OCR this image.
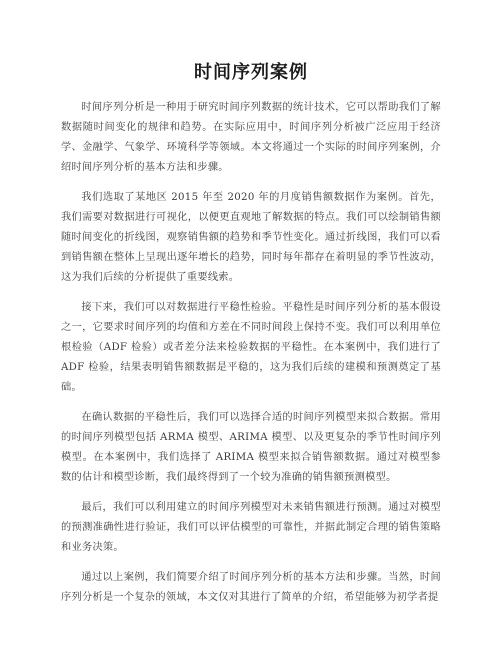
时间序列案例

时间序列分析是一种用于研究时间序列数据的统计技术，它可以帮助我们了解数据随时间变化的规律和趋势。在实际应用中，时间序列分析被广泛应用于经济学、金融学、气象学、环境科学等领域。本文将通过一个实际的时间序列案例，介绍时间序列分析的基本方法和步骤。

我们选取了某地区 2015 年至 2020 年的月度销售额数据作为案例。首先，我们需要对数据进行可视化，以便更直观地了解数据的特点。我们可以绘制销售额随时间变化的折线图，观察销售额的趋势和季节性变化。通过折线图，我们可以看到销售额在整体上呈现出逐年增长的趋势，同时每年都存在着明显的季节性波动，这为我们后续的分析提供了重要线索。

接下来，我们可以对数据进行平稳性检验。平稳性是时间序列分析的基本假设之一，它要求时间序列的均值和方差在不同时间段上保持不变。我们可以利用单位根检验（ADF 检验）或者差分法来检验数据的平稳性。在本案例中，我们进行了 ADF 检验，结果表明销售额数据是平稳的，这为我们后续的建模和预测奠定了基础。

在确认数据的平稳性后，我们可以选择合适的时间序列模型来拟合数据。常用的时间序列模型包括 ARMA 模型、ARIMA 模型、以及更复杂的季节性时间序列模型。在本案例中，我们选择了 ARIMA 模型来拟合销售额数据。通过对模型参数的估计和模型诊断，我们最终得到了一个较为准确的销售额预测模型。

最后，我们可以利用建立的时间序列模型对未来销售额进行预测。通过对模型的预测准确性进行验证，我们可以评估模型的可靠性，并据此制定合理的销售策略和业务决策。

通过以上案例，我们简要介绍了时间序列分析的基本方法和步骤。当然，时间序列分析是一个复杂的领域，本文仅对其进行了简单的介绍，希望能够为初学者提
